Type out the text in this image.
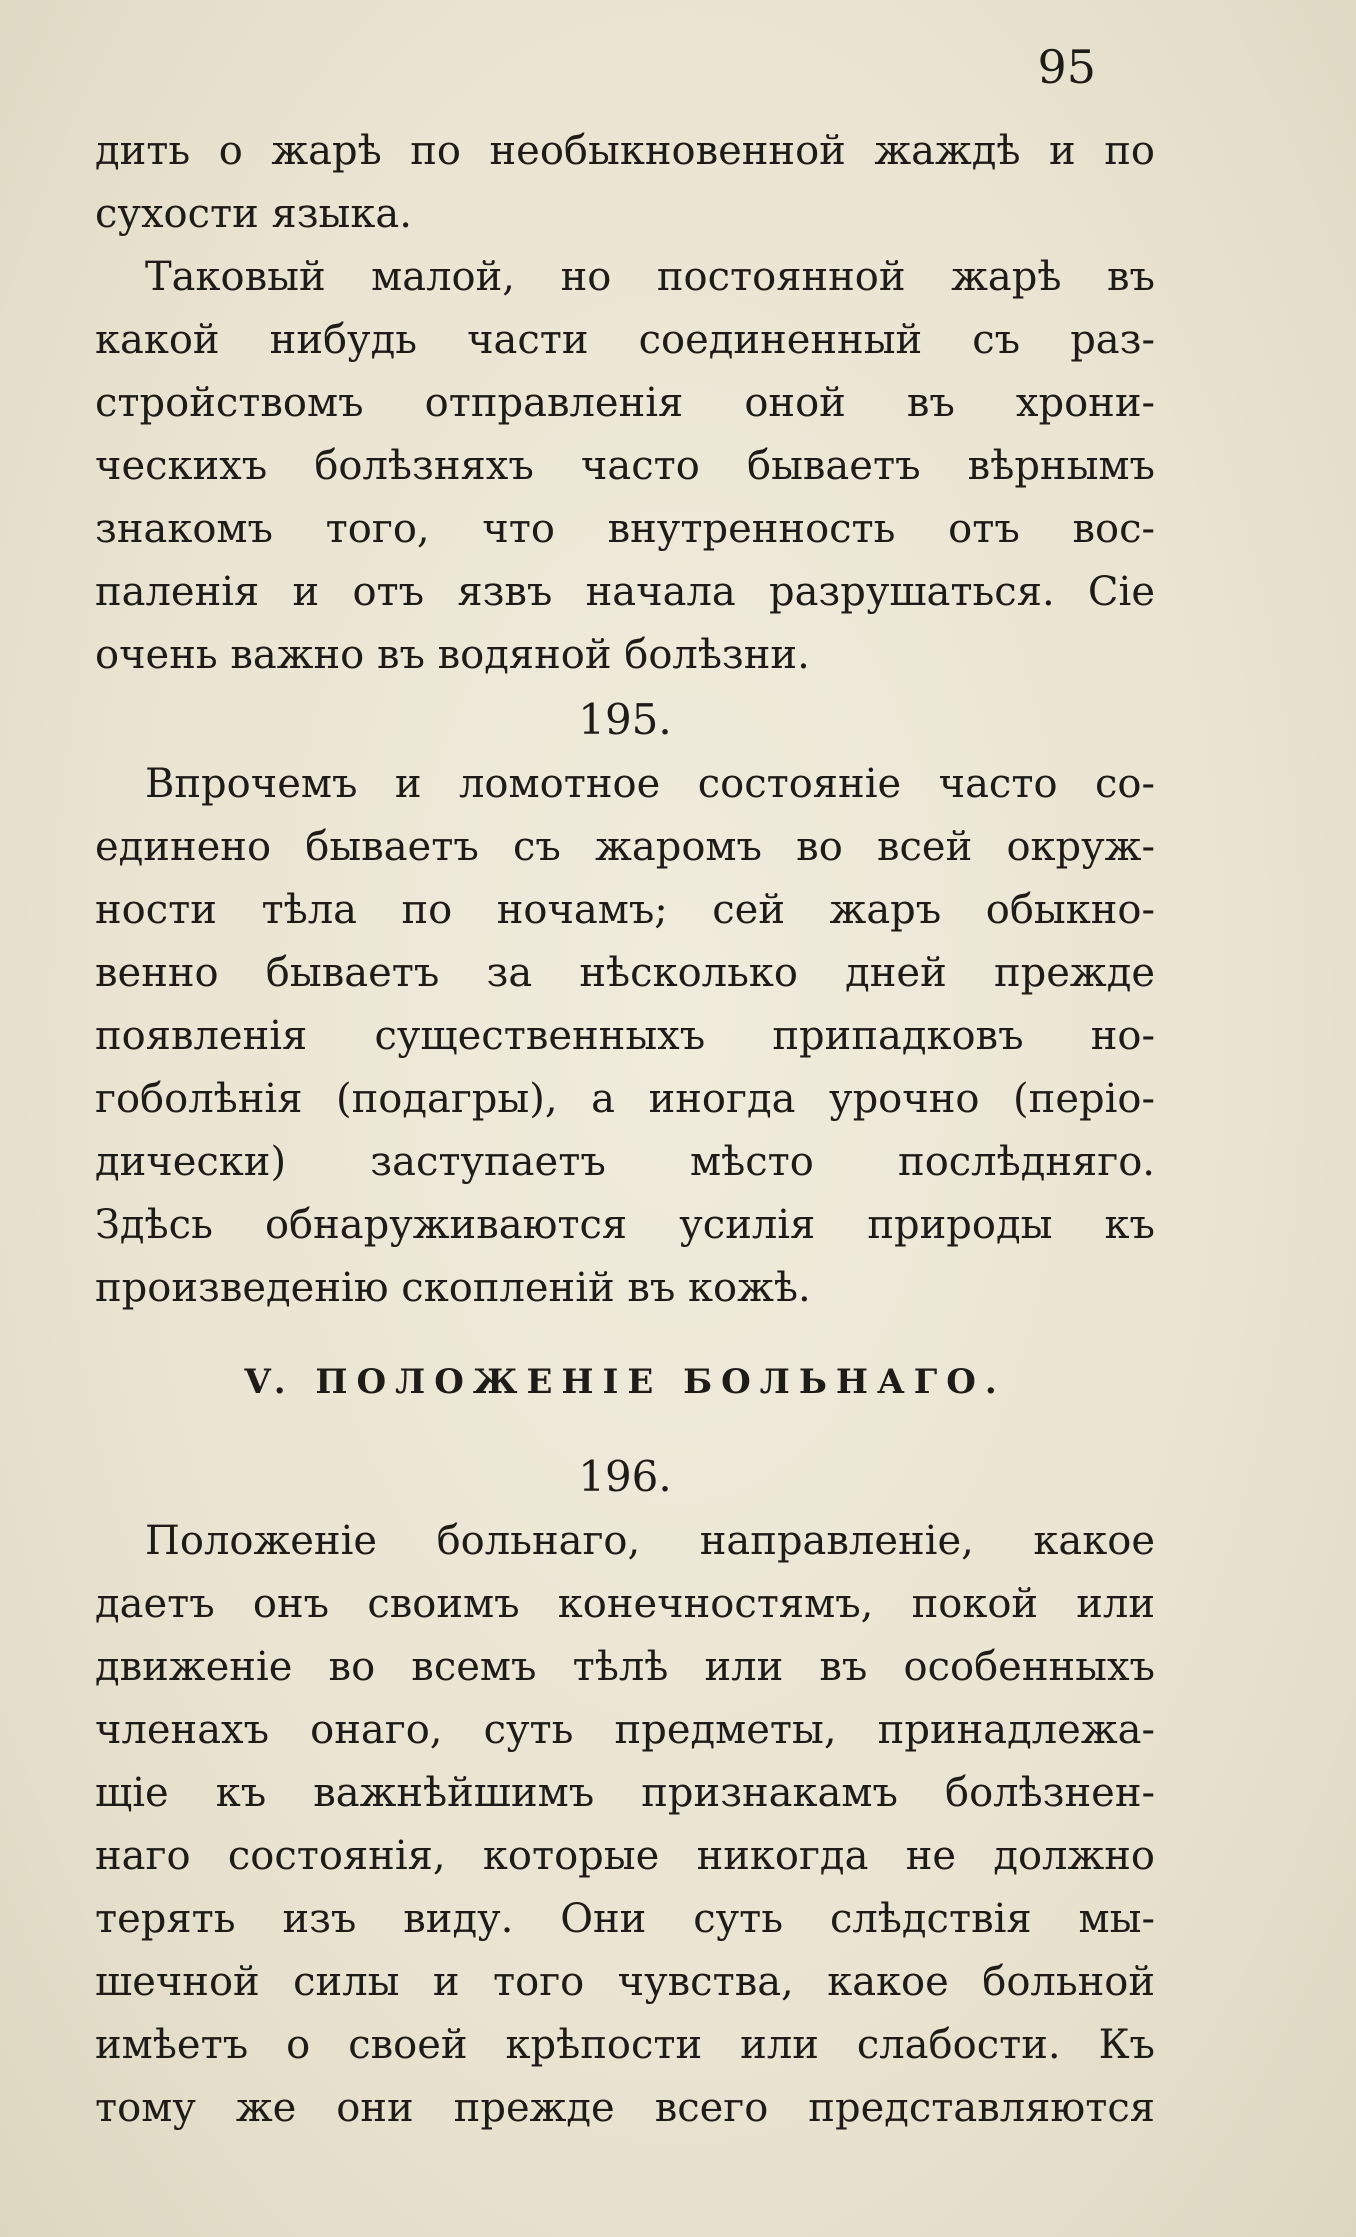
95
дить о жарѣ по необыкновенной жаждѣ и по
сухости языка.
Таковый малой, но постоянной жарѣ въ
какой нибудь части соединенный съ раз-
стройствомъ отправленія оной въ хрони-
ческихъ болѣзняхъ часто бываетъ вѣрнымъ
знакомъ того, что внутренность отъ вос-
паленія и отъ язвъ начала разрушаться. Сіе
очень важно въ водяной болѣзни.
195.
Впрочемъ и ломотное состояніе часто со-
единено бываетъ съ жаромъ во всей окруж-
ности тѣла по ночамъ; сей жаръ обыкно-
венно бываетъ за нѣсколько дней прежде
появленія существенныхъ припадковъ но-
гоболѣнія (подагры), а иногда урочно (періо-
дически) заступаетъ мѣсто послѣдняго.
Здѣсь обнаруживаются усилія природы къ
произведенію скопленій въ кожѣ.
V. ПОЛОЖЕНІЕ БОЛЬНАГО.
196.
Положеніе больнаго, направленіе, какое
даетъ онъ своимъ конечностямъ, покой или
движеніе во всемъ тѣлѣ или въ особенныхъ
членахъ онаго, суть предметы, принадлежа-
щіе къ важнѣйшимъ признакамъ болѣзнен-
наго состоянія, которые никогда не должно
терять изъ виду. Они суть слѣдствія мы-
шечной силы и того чувства, какое больной
имѣетъ о своей крѣпости или слабости. Къ
тому же они прежде всего представляются
